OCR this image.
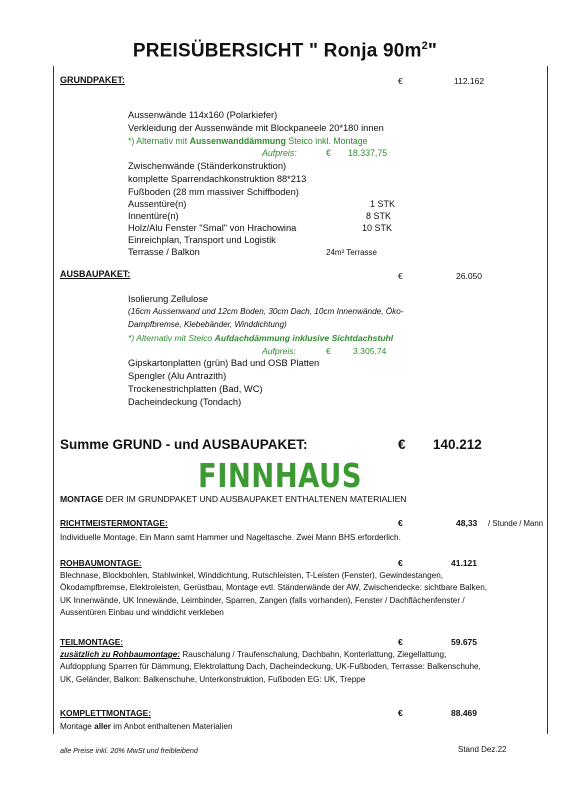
PREISÜBERSICHT " Ronja $90m^2$"
GRUNDPAKET:	€	112.162
Aussenwände 114x160 (Polarkiefer)
Verkleidung der Aussenwände mit Blockpaneele 20*180 innen
*) Alternativ mit Aussenwanddämmung Steico inkl. Montage
Aufpreis:	€ 18.337,75
Zwischenwände (Ständerkonstruktion)
komplette Sparrendachkonstruktion 88*213
Fußboden (28 mm massiver Schiffboden)
Aussentüre(n)	1 STK
Innentüre(n)	8 STK
Holz/Alu Fenster "Smal" von Hrachowina	10 STK
Einreichplan, Transport und Logistik
Terrasse / Balkon	24m² Terrasse
AUSBAUPAKET:	€	26.050
Isolierung Zellulose
(16cm Aussenwand und 12cm Boden, 30cm Dach, 10cm Innenwände, Öko-
Dampfbremse, Klebebänder, Winddichtung)
*) Alternativ mit Steico Aufdachdämmung inklusive Sichtdachstuhl
Aufpreis:	€	3.305,74
Gipskartonplatten (grün) Bad und OSB Platten
Spengler (Alu Antrazith)
Trockenestrichplatten (Bad, WC)
Dacheindeckung (Tondach)
Summe GRUND - und AUSBAUPAKET:	€ 140.212
FINNHAUS
MONTAGE DER IM GRUNDPAKET UND AUSBAUPAKET ENTHALTENEN MATERIALIEN
RICHTMEISTERMONTAGE:	€	48,33 / Stunde / Mann
Individuelle Montage. Ein Mann samt Hammer und Nageltasche. Zwei Mann BHS erforderlich.
ROHBAUMONTAGE:	€	41.121
Blechnase, Blockbohlen, Stahlwinkel, Winddichtung, Rutschleisten, T-Leisten (Fenster), Gewindestangen, Ökodampfbremse, Elektroleisten, Gerüstbau, Montage evtl. Ständerwände der AW, Zwischendecke: sichtbare Balken, UK Innenwände, UK Innewände, Leimbinder, Sparren, Zangen (falls vorhanden), Fenster / Dachflächenfenster / Aussentüren Einbau und winddicht verkleben
TEILMONTAGE:	€	59.675
zusätzlich zu Rohbaumontage: Rauschalung / Traufenschalung, Dachbahn, Konterlattung, Ziegellattung, Aufdopplung Sparren für Dämmung, Elektrolattung Dach, Dacheindeckung, UK-Fußboden, Terrasse: Balkenschuhe, UK, Geländer, Balkon: Balkenschuhe, Unterkonstruktion, Fußboden EG: UK, Treppe
KOMPLETTMONTAGE:	€	88.469
Montage aller im Anbot enthaltenen Materialien
alle Preise inkl. 20% MwSt und freibleibend	Stand Dez.22
